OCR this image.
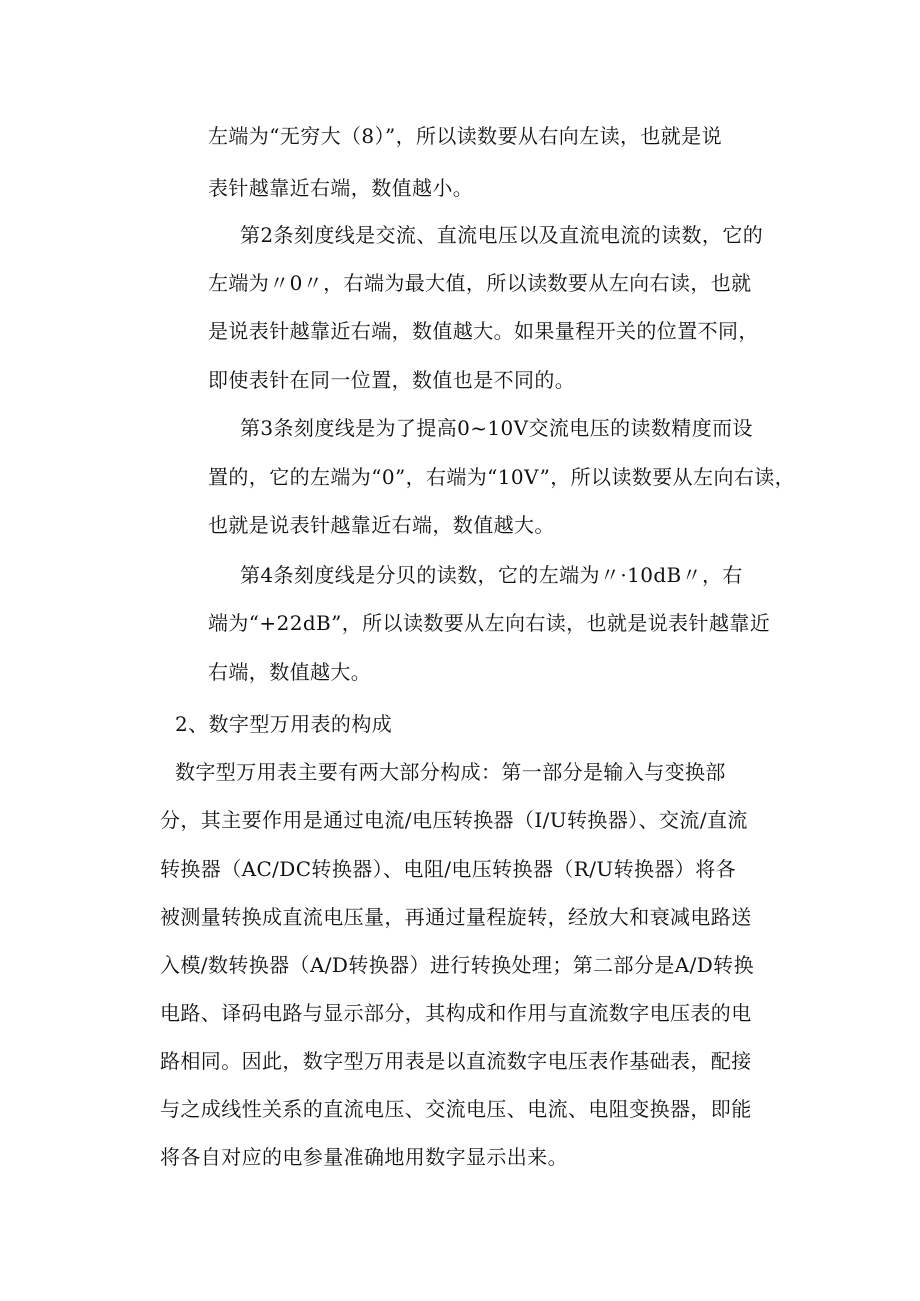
左端为“无穷大（8）”，所以读数要从右向左读，也就是说
表针越靠近右端，数值越小。
第2条刻度线是交流、直流电压以及直流电流的读数，它的
左端为〃0〃，右端为最大值，所以读数要从左向右读，也就
是说表针越靠近右端，数值越大。如果量程开关的位置不同，
即使表针在同一位置，数值也是不同的。
第3条刻度线是为了提高0~10V交流电压的读数精度而设
置的，它的左端为“0”，右端为“10V”，所以读数要从左向右读，
也就是说表针越靠近右端，数值越大。
第4条刻度线是分贝的读数，它的左端为〃·10dB〃，右
端为“+22dB”，所以读数要从左向右读，也就是说表针越靠近
右端，数值越大。
2、数字型万用表的构成
数字型万用表主要有两大部分构成：第一部分是输入与变换部
分，其主要作用是通过电流/电压转换器（I/U转换器）、交流/直流
转换器（AC/DC转换器）、电阻/电压转换器（R/U转换器）将各
被测量转换成直流电压量，再通过量程旋转，经放大和衰减电路送
入模/数转换器（A/D转换器）进行转换处理；第二部分是A/D转换
电路、译码电路与显示部分，其构成和作用与直流数字电压表的电
路相同。因此，数字型万用表是以直流数字电压表作基础表，配接
与之成线性关系的直流电压、交流电压、电流、电阻变换器，即能
将各自对应的电参量准确地用数字显示出来。
